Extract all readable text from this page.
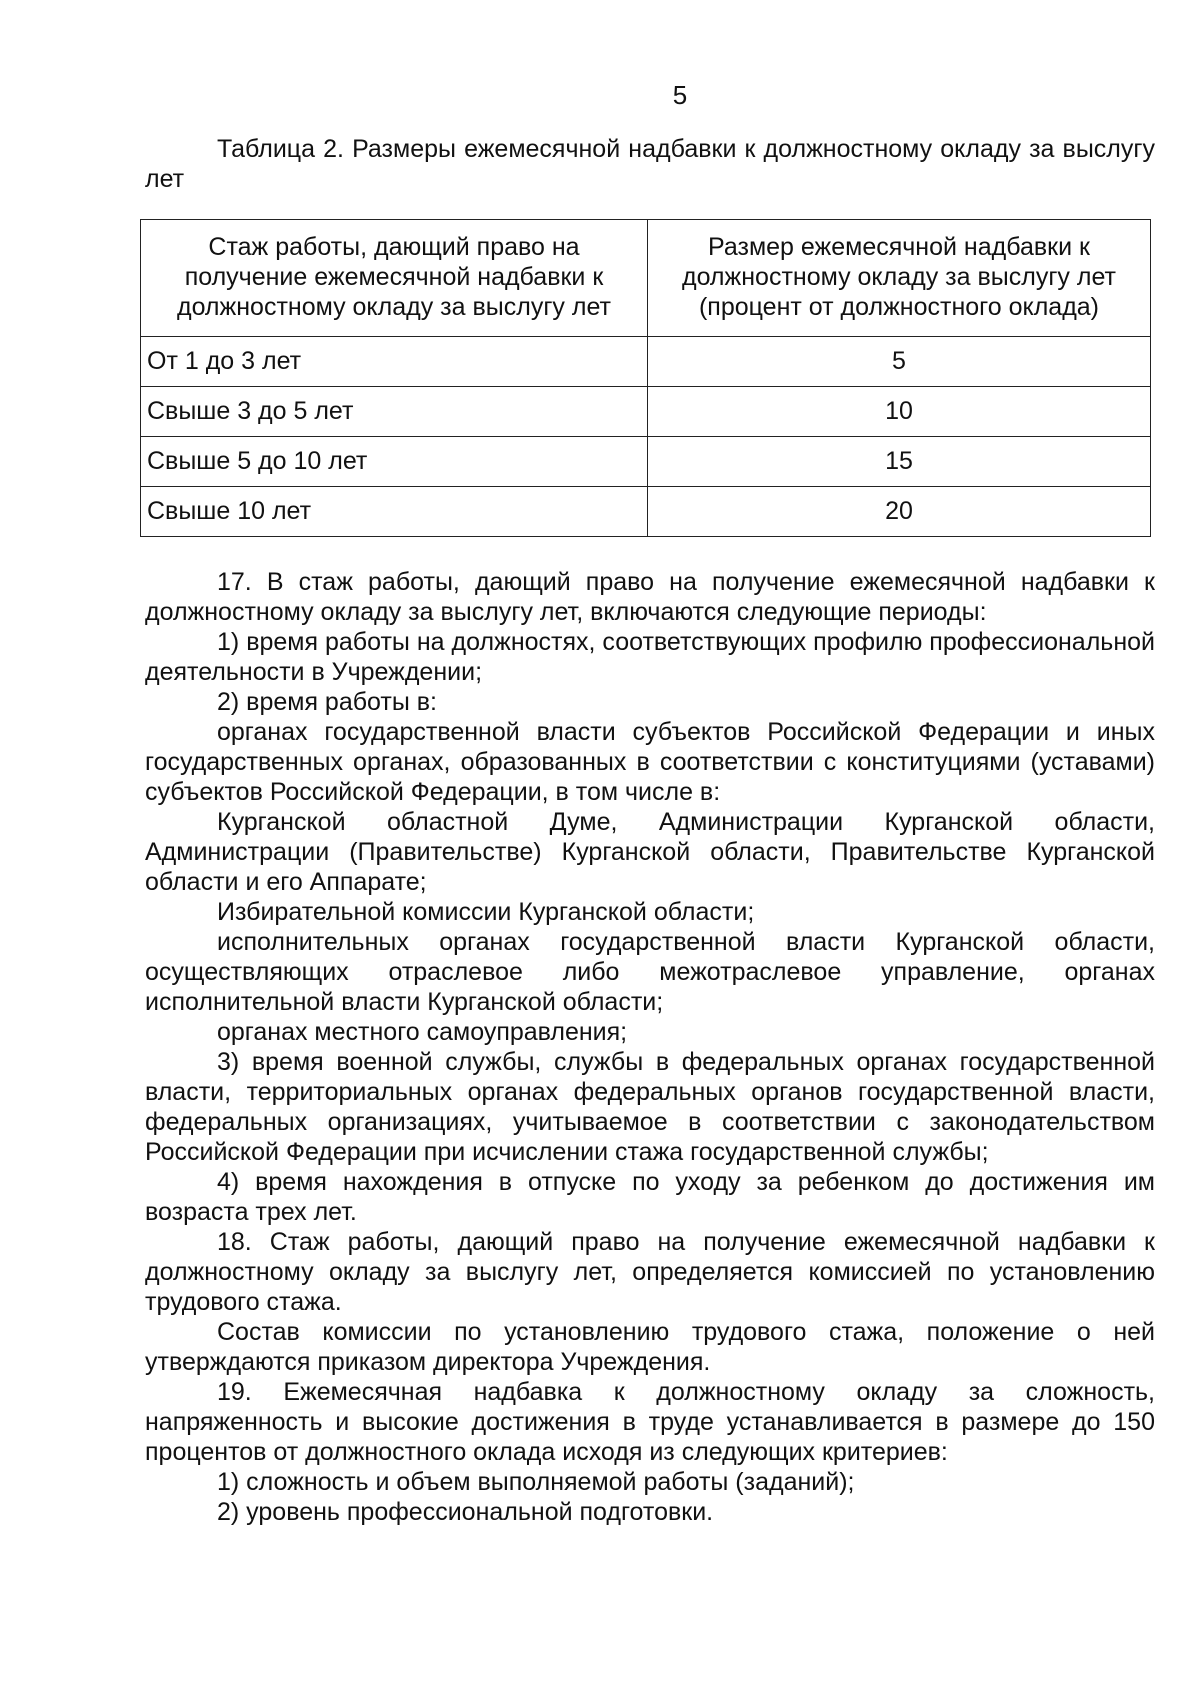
5

Таблица 2. Размеры ежемесячной надбавки к должностному окладу за выслугу лет

Стаж работы, дающий право на получение ежемесячной надбавки к должностному окладу за выслугу лет	Размер ежемесячной надбавки к должностному окладу за выслугу лет (процент от должностного оклада)
От 1 до 3 лет	5
Свыше 3 до 5 лет	10
Свыше 5 до 10 лет	15
Свыше 10 лет	20

17. В стаж работы, дающий право на получение ежемесячной надбавки к должностному окладу за выслугу лет, включаются следующие периоды:

1) время работы на должностях, соответствующих профилю профессиональной деятельности в Учреждении;

2) время работы в:

органах государственной власти субъектов Российской Федерации и иных государственных органах, образованных в соответствии с конституциями (уставами) субъектов Российской Федерации, в том числе в:

Курганской областной Думе, Администрации Курганской области, Администрации (Правительстве) Курганской области, Правительстве Курганской области и его Аппарате;

Избирательной комиссии Курганской области;

исполнительных органах государственной власти Курганской области, осуществляющих отраслевое либо межотраслевое управление, органах исполнительной власти Курганской области;

органах местного самоуправления;

3) время военной службы, службы в федеральных органах государственной власти, территориальных органах федеральных органов государственной власти, федеральных организациях, учитываемое в соответствии с законодательством Российской Федерации при исчислении стажа государственной службы;

4) время нахождения в отпуске по уходу за ребенком до достижения им возраста трех лет.

18. Стаж работы, дающий право на получение ежемесячной надбавки к должностному окладу за выслугу лет, определяется комиссией по установлению трудового стажа.

Состав комиссии по установлению трудового стажа, положение о ней утверждаются приказом директора Учреждения.

19. Ежемесячная надбавка к должностному окладу за сложность, напряженность и высокие достижения в труде устанавливается в размере до 150 процентов от должностного оклада исходя из следующих критериев:

1) сложность и объем выполняемой работы (заданий);

2) уровень профессиональной подготовки.
